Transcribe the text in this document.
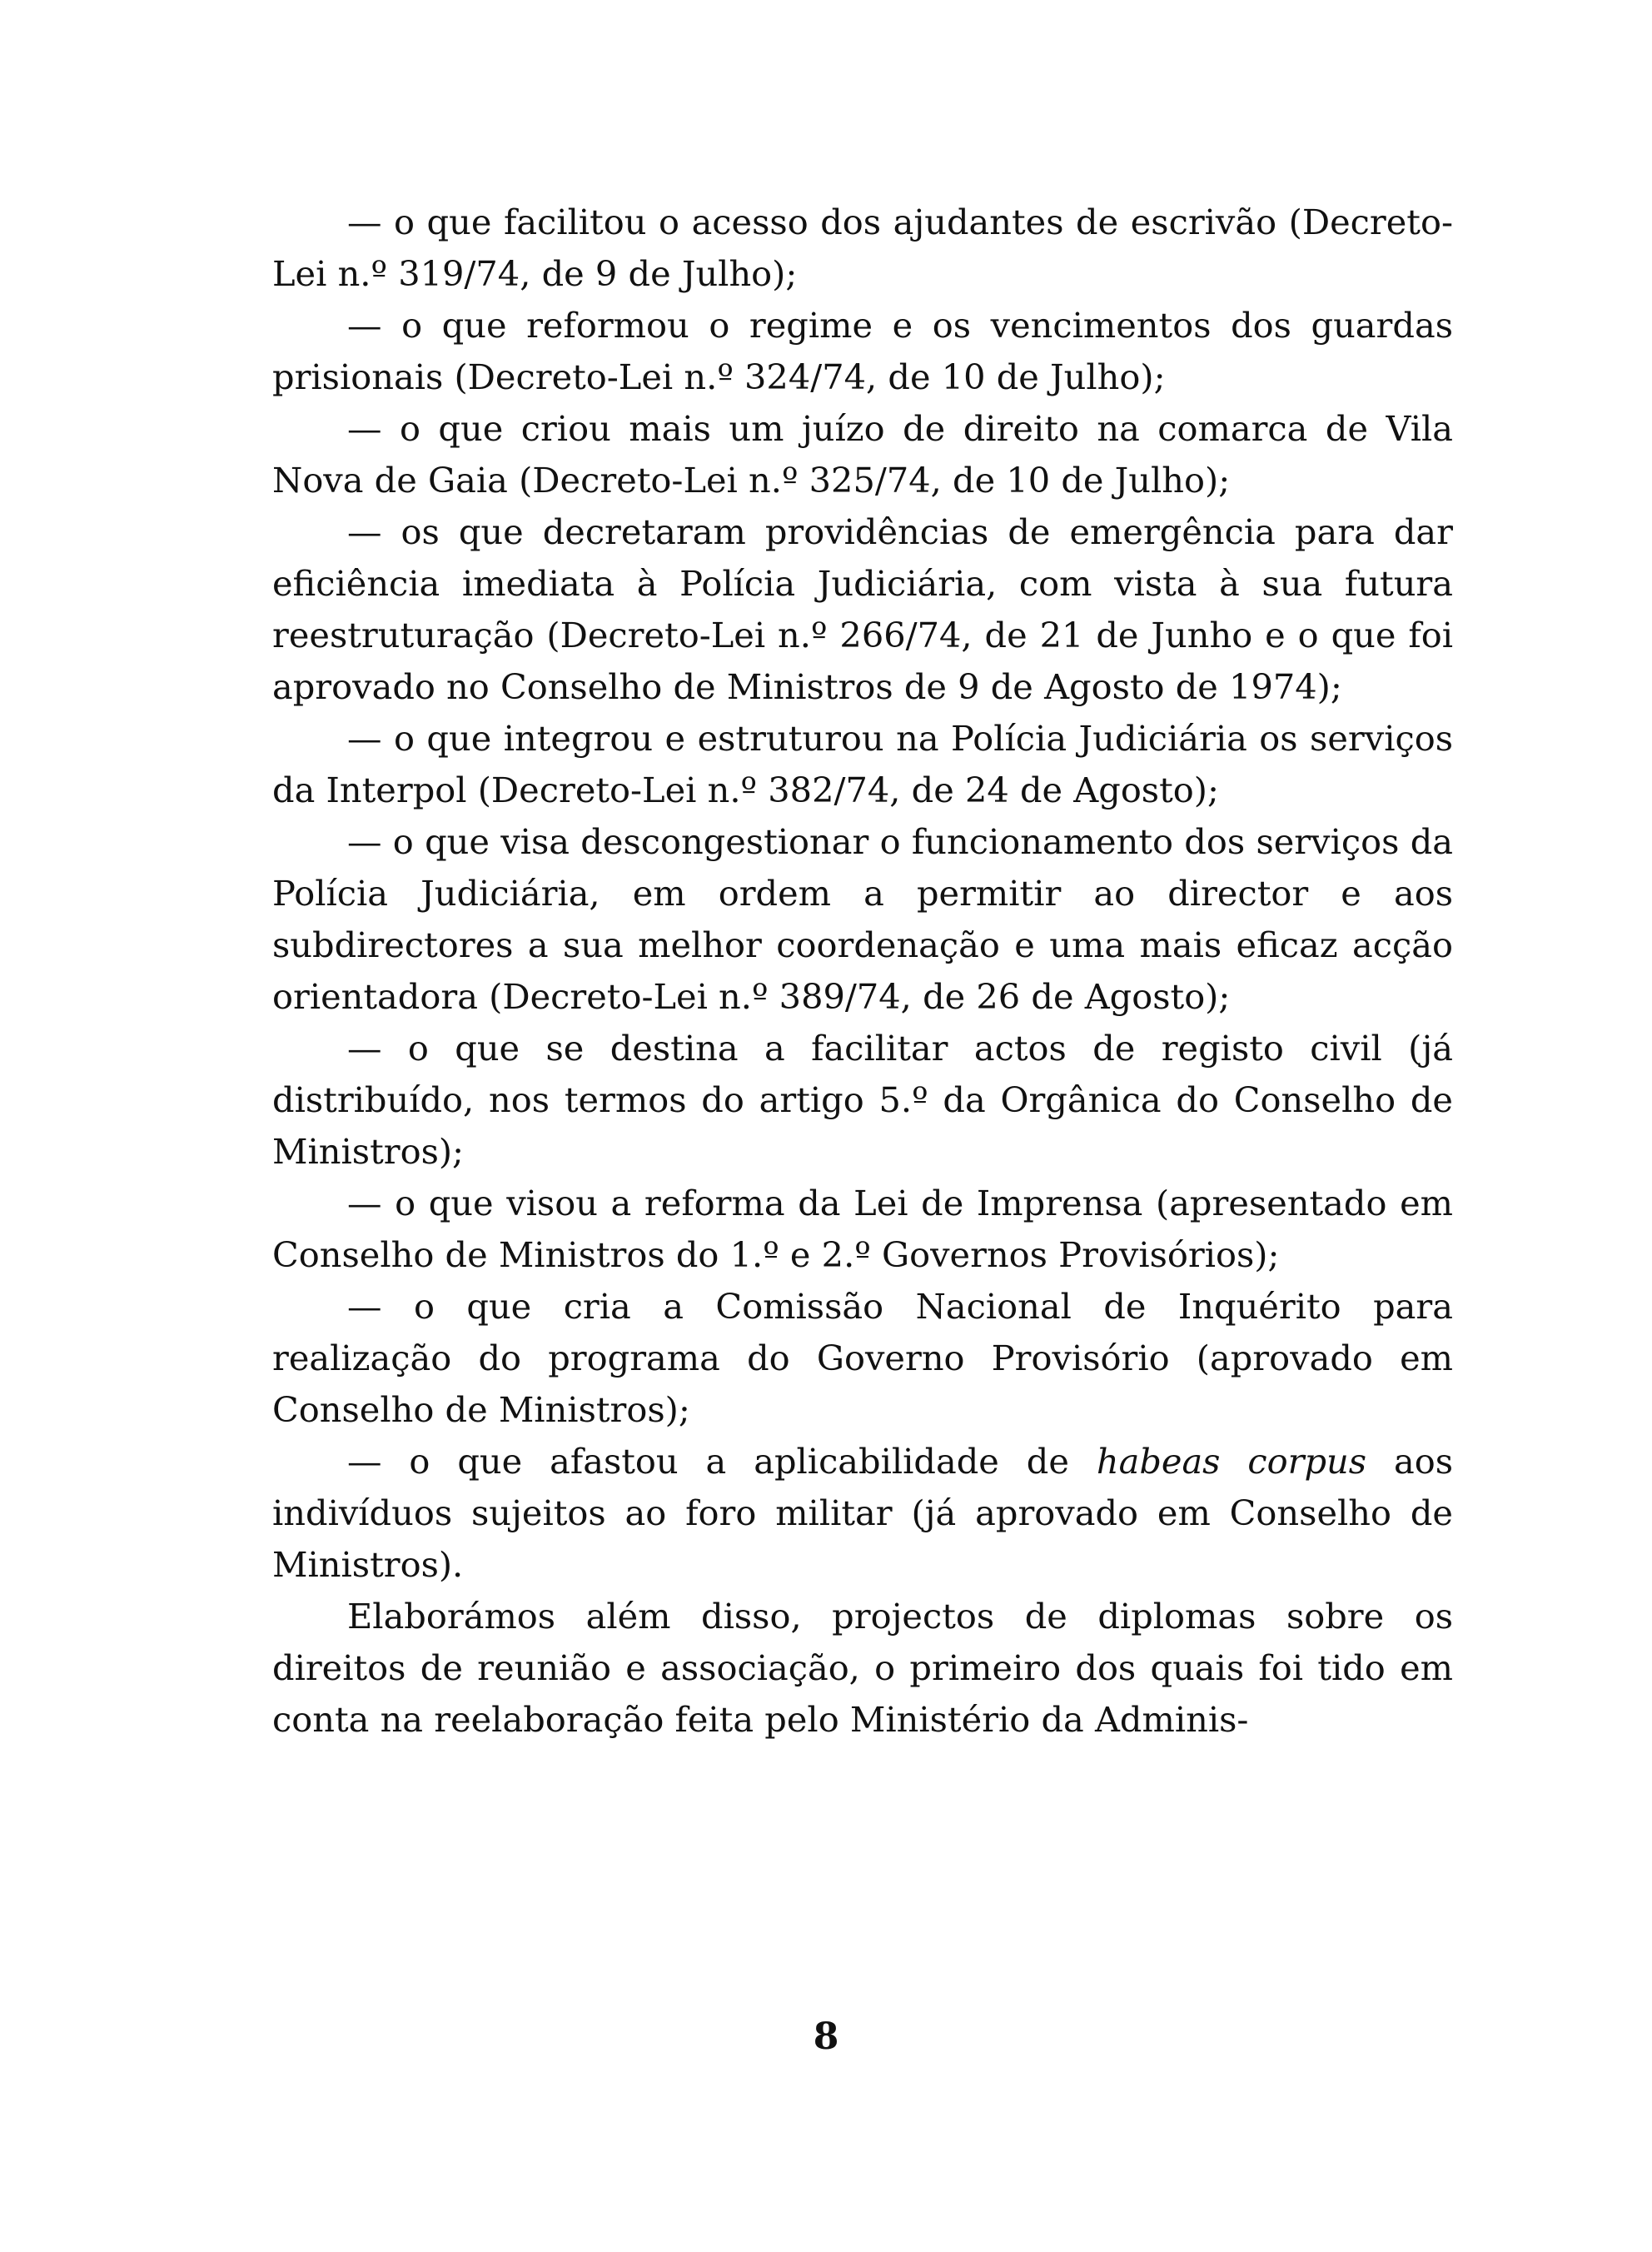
— o que facilitou o acesso dos ajudantes de escrivão (Decreto-Lei n.º 319/74, de 9 de Julho);

— o que reformou o regime e os vencimentos dos guardas prisionais (Decreto-Lei n.º 324/74, de 10 de Julho);

— o que criou mais um juízo de direito na comarca de Vila Nova de Gaia (Decreto-Lei n.º 325/74, de 10 de Julho);

— os que decretaram providências de emergência para dar eficiência imediata à Polícia Judiciária, com vista à sua futura reestruturação (Decreto-Lei n.º 266/74, de 21 de Junho e o que foi aprovado no Conselho de Ministros de 9 de Agosto de 1974);

— o que integrou e estruturou na Polícia Judiciária os serviços da Interpol (Decreto-Lei n.º 382/74, de 24 de Agosto);

— o que visa descongestionar o funcionamento dos serviços da Polícia Judiciária, em ordem a permitir ao director e aos subdirectores a sua melhor coordenação e uma mais eficaz acção orientadora (Decreto-Lei n.º 389/74, de 26 de Agosto);

— o que se destina a facilitar actos de registo civil (já distribuído, nos termos do artigo 5.º da Orgânica do Conselho de Ministros);

— o que visou a reforma da Lei de Imprensa (apresentado em Conselho de Ministros do 1.º e 2.º Governos Provisórios);

— o que cria a Comissão Nacional de Inquérito para realização do programa do Governo Provisório (aprovado em Conselho de Ministros);

— o que afastou a aplicabilidade de habeas corpus aos indivíduos sujeitos ao foro militar (já aprovado em Conselho de Ministros).

Elaborámos além disso, projectos de diplomas sobre os direitos de reunião e associação, o primeiro dos quais foi tido em conta na reelaboração feita pelo Ministério da Adminis-

8
